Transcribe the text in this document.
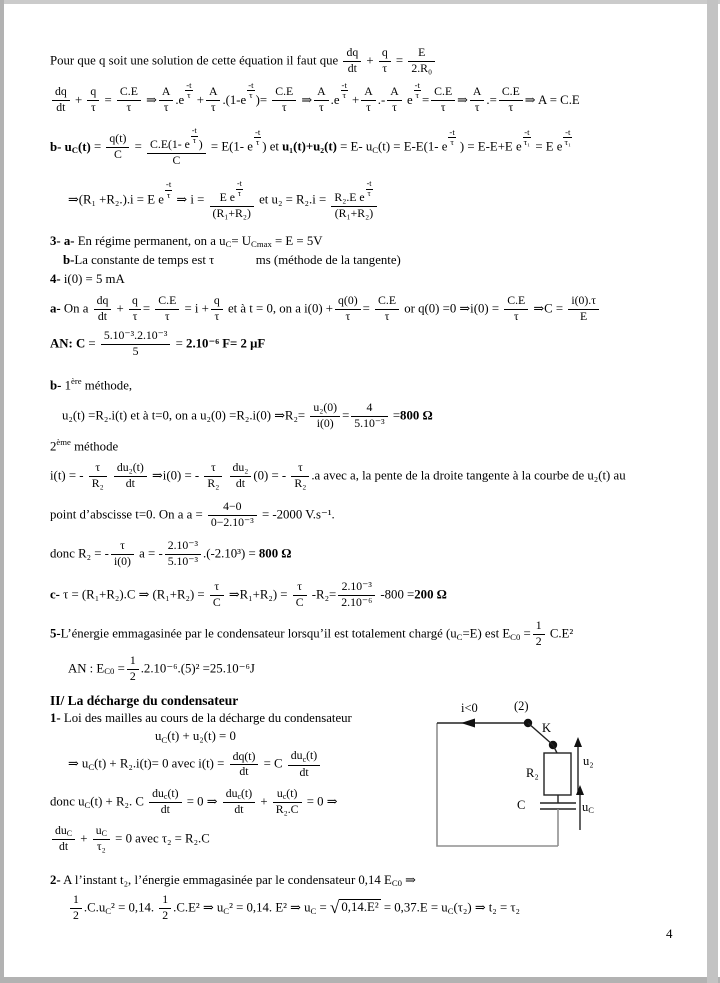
Pour que q soit une solution de cette équation il faut que $\frac{dq}{dt} + \frac{q}{\tau} = \frac{E}{\text{2.R₀}}$
$\frac{dq}{dt} + \frac{q}{\tau} = \frac{C.E}{\tau}$ ⇒ $\frac{A}{\tau} .e \frac{-t}{\tau} + \frac{A}{\tau} .(1-e \frac{-t}{\tau}$ )= $\frac{C.E}{\tau}$ ⇒ $\frac{A}{\tau} .e \frac{-t}{\tau} + \frac{A}{\tau}$ .- $\frac{A}{\tau}$ e $\frac{-t}{\tau} = \frac{C.E}{\tau}$ ⇒ $\frac{A}{\tau}$ .= $\frac{C.E}{\tau}$ ⇒ A = C.E
b- $uC(t) = \frac{q(t)}{C} = \frac{C.E(1- e \frac{-t}{\tau} )}{C} = E(1-$ e $\frac{-t}{\tau}$ ) et u₁(t)+u₂(t) = E- uC(t) = E-E(1- e $\frac{-t}{\tau}$ ) = E-E+E e $\frac{-t}{\text{τ₁}} = E$ e $\frac{-t}{\text{τ₁}}$
⇒(R₁ +R₂.).i = E e $\frac{-t}{\tau}$ ⇒ $i = \frac{E e \frac{-t}{\tau}}{\text{(R₁+R₂)}}$ et $u_2 = R_2.i = \frac{R_2.E e \frac{-t}{\tau}}{\text{(R₁+R₂)}}$
3- a- En régime permanent, on a uC= UCmax = E = 5V
b-La constante de temps est τ             ms (méthode de la tangente)
4- i(0) = 5 mA
a- On a $\frac{dq}{dt} + \frac{q}{\tau} = \frac{C.E}{\tau} = i + \frac{q}{\tau}$ et à t = 0, on a $i(0) + \frac{q(0)}{\tau} = \frac{C.E}{\tau}$ or q(0) =0 ⇒i(0) = $\frac{C.E}{\tau}$ ⇒C = $\frac{i(0).\tau}{E}$
AN: $C = \frac{\text{5.10⁻³.2.10⁻³}}{5} = 2.10^{-6}$ F= 2 μF
b- 1ère méthode,
u₂(t) =R₂.i(t) et à t=0, on a u₂(0) =R₂.i(0) ⇒R₂= $\frac{\text{u₂(0)}}{i(0)} = \frac{4}{\text{5.10⁻³}} =800$ Ω
2ème méthode
i(t) = - $\frac{\tau}{\text{R₂}}$
$\frac{\text{du₂(t)}}{dt}$ ⇒i(0) = - $\frac{\tau}{\text{R₂}}$
$\frac{\text{du₂}}{dt} (0)$ = - $\frac{\tau}{\text{R₂}} .a$ avec a, la pente de la droite tangente à la courbe de u₂(t) au
point d’abscisse t=0. On a $a = \frac{4-0}{\text{0−2.10⁻³}} = -2000$ V.s⁻¹.
donc R₂ = - $\frac{\tau}{i(0)}$ a = - $\frac{\text{2.10⁻³}}{\text{5.10⁻³}} .(-2.10^3) = 800$ Ω
c- τ = (R₁+R₂).C ⇒ $(R_1+R_2) = \frac{\tau}{C}$ ⇒R₁+R₂) = $\frac{\tau}{C} -R_2= \frac{\text{2.10⁻³}}{\text{2.10⁻⁶}} -800 =200$ Ω
5-L’énergie emmagasinée par le condensateur lorsqu’il est totalement chargé (uC=E) est $EC0 = \frac{1}{2} C.E^2$
AN : $EC0 = \frac{1}{2} .2.10^{-6}.(5)^2 =25.10^{-6}J$
II/ La décharge du condensateur
1- Loi des mailles au cours de la décharge du condensateur
uC(t) + u₂(t) = 0
⇒ uC(t) + R₂.i(t)= 0 avec $i(t) = \frac{dq(t)}{dt} = C \frac{\text{duc(t)}}{dt}$
donc uC(t) + R₂. C $\frac{\text{duc(t)}}{dt} = 0$ ⇒ $\frac{\text{duc(t)}}{dt} + \frac{uc(t)}{\text{R₂.C}} = 0$ ⇒
$\frac{\text{duC}}{dt} + \frac{uC}{\text{τ₂}} = 0$ avec τ₂ = R₂.C
2- A l’instant t₂, l’énergie emmagasinée par le condensateur 0,14 EC0 ⇒
$\frac{1}{2} .C.uC^2 = 0,14$. $\frac{1}{2} .C.E^2$ ⇒ uC² = 0,14. E² ⇒ uC = √ 0,14.E² = 0,37.E = uC(τ₂) ⇒ t₂ = τ₂
i<0	(2)
K
R₂
C
u₂
uC
4
